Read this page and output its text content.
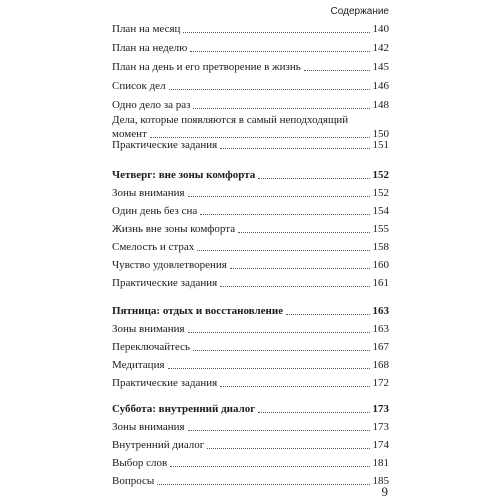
Содержание
План на месяц	140
План на неделю	142
План на день и его претворение в жизнь	145
Список дел	146
Одно дело за раз	148
Дела, которые появляются в самый неподходящий
момент	150
Практические задания	151
Четверг: вне зоны комфорта	152
Зоны внимания	152
Один день без сна	154
Жизнь вне зоны комфорта	155
Смелость и страх	158
Чувство удовлетворения	160
Практические задания	161
Пятница: отдых и восстановление	163
Зоны внимания	163
Переключайтесь	167
Медитация	168
Практические задания	172
Суббота: внутренний диалог	173
Зоны внимания	173
Внутренний диалог	174
Выбор слов	181
Вопросы	185
9
